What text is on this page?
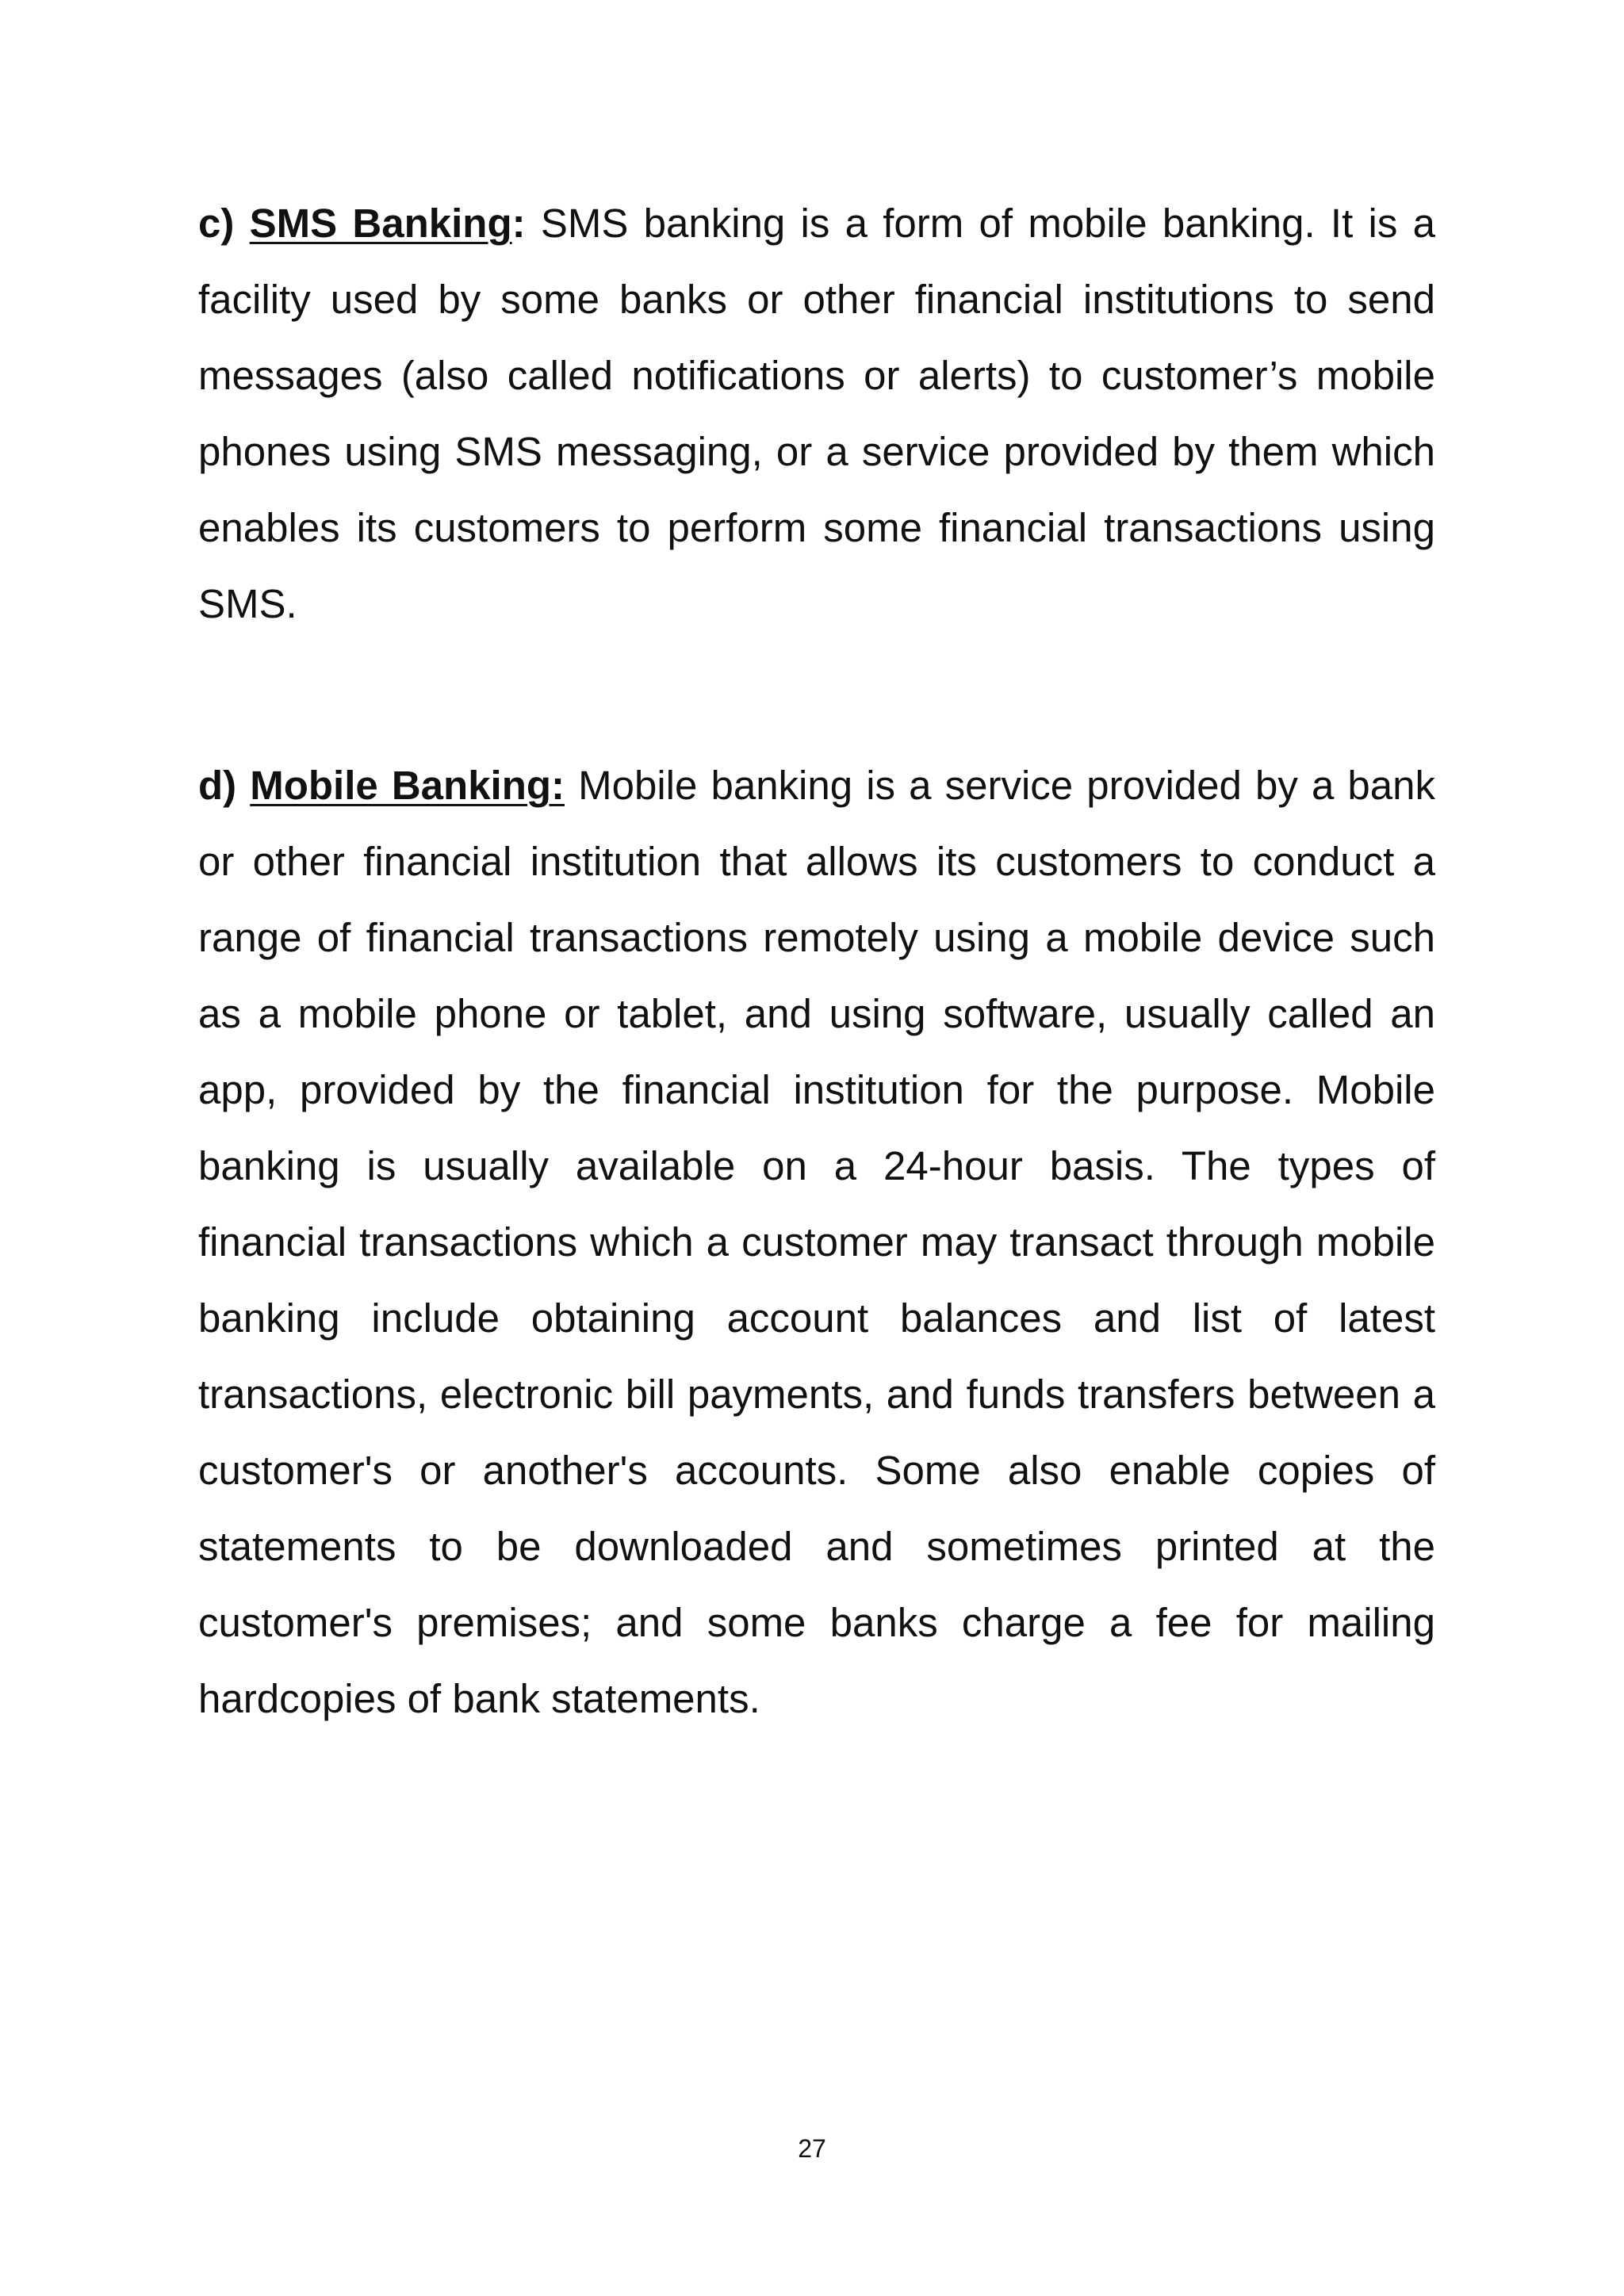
c) SMS Banking: SMS banking is a form of mobile banking. It is a facility used by some banks or other financial institutions to send messages (also called notifications or alerts) to customer’s mobile phones using SMS messaging, or a service provided by them which enables its customers to perform some financial transactions using SMS.

d) Mobile Banking: Mobile banking is a service provided by a bank or other financial institution that allows its customers to conduct a range of financial transactions remotely using a mobile device such as a mobile phone or tablet, and using software, usually called an app, provided by the financial institution for the purpose. Mobile banking is usually available on a 24-hour basis. The types of financial transactions which a customer may transact through mobile banking include obtaining account balances and list of latest transactions, electronic bill payments, and funds transfers between a customer's or another's accounts. Some also enable copies of statements to be downloaded and sometimes printed at the customer's premises; and some banks charge a fee for mailing hardcopies of bank statements.

27
